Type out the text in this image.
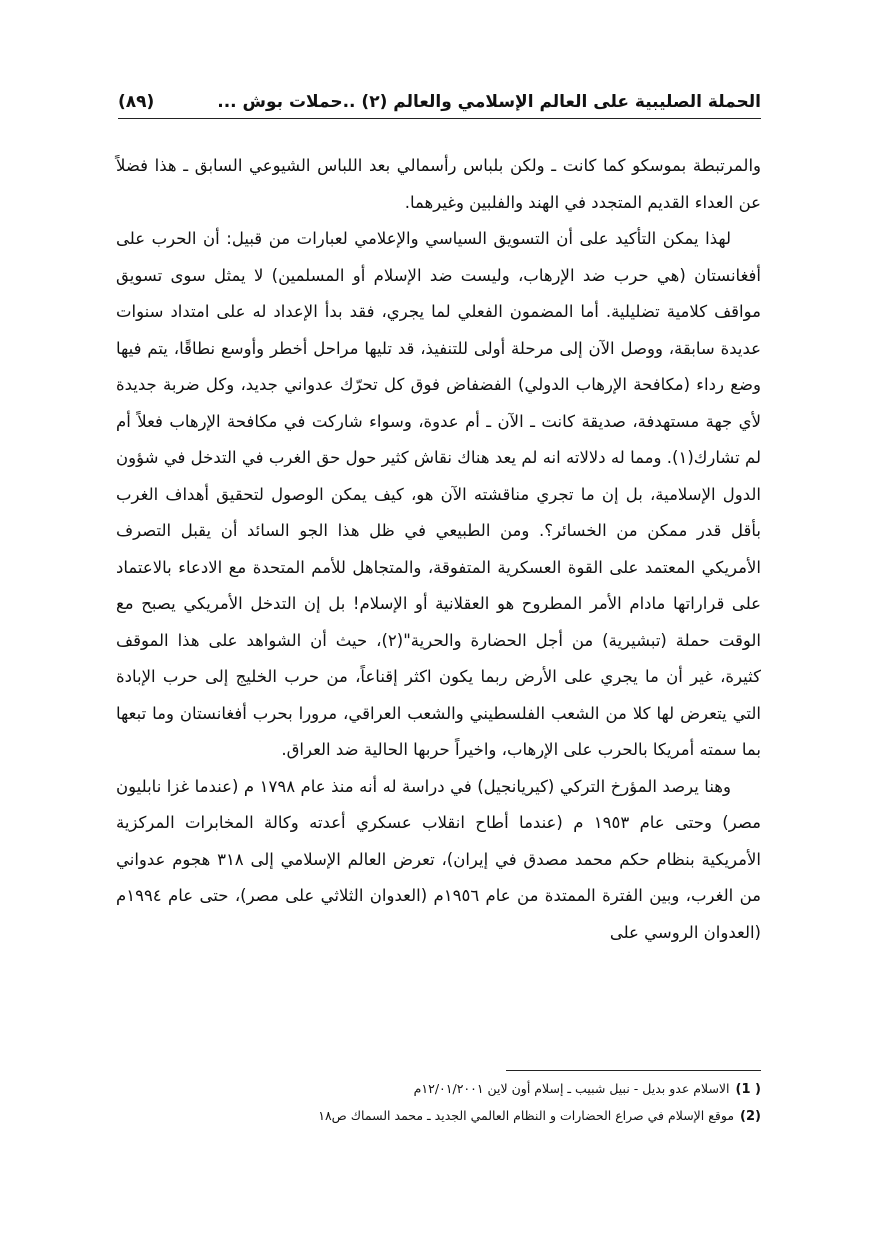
الحملة الصليبية على العالم الإسلامي والعالم (٢) ..حملات بوش ...
(٨٩)

والمرتبطة بموسكو كما كانت ـ ولكن بلباس رأسمالي بعد اللباس الشيوعي السابق ـ هذا فضلاً عن العداء القديم المتجدد في الهند والفلبين وغيرهما.

لهذا يمكن التأكيد على أن التسويق السياسي والإعلامي لعبارات من قبيل: أن الحرب على أفغانستان (هي حرب ضد الإرهاب، وليست ضد الإسلام أو المسلمين) لا يمثل سوى تسويق مواقف كلامية تضليلية. أما المضمون الفعلي لما يجري، فقد بدأ الإعداد له على امتداد سنوات عديدة سابقة، ووصل الآن إلى مرحلة أولى للتنفيذ، قد تليها مراحل أخطر وأوسع نطاقًا، يتم فيها وضع رداء (مكافحة الإرهاب الدولي) الفضفاض فوق كل تحرّك عدواني جديد، وكل ضربة جديدة لأي جهة مستهدفة، صديقة كانت ـ الآن ـ أم عدوة، وسواء شاركت في مكافحة الإرهاب فعلاً أم لم تشارك(١). ومما له دلالاته انه لم يعد هناك نقاش كثير حول حق الغرب في التدخل في شؤون الدول الإسلامية، بل إن ما تجري مناقشته الآن هو، كيف يمكن الوصول لتحقيق أهداف الغرب بأقل قدر ممكن من الخسائر؟. ومن الطبيعي في ظل هذا الجو السائد أن يقبل التصرف الأمريكي المعتمد على القوة العسكرية المتفوقة، والمتجاهل للأمم المتحدة مع الادعاء بالاعتماد على قراراتها مادام الأمر المطروح هو العقلانية أو الإسلام! بل إن التدخل الأمريكي يصبح مع الوقت حملة (تبشيرية) من أجل الحضارة والحرية"(٢)، حيث أن الشواهد على هذا الموقف كثيرة، غير أن ما يجري على الأرض ربما يكون اكثر إقناعاً، من حرب الخليج إلى حرب الإبادة التي يتعرض لها كلا من الشعب الفلسطيني والشعب العراقي، مرورا بحرب أفغانستان وما تبعها بما سمته أمريكا بالحرب على الإرهاب، واخيراً حربها الحالية ضد العراق.

وهنا يرصد المؤرخ التركي (كيريانجيل) في دراسة له أنه منذ عام ١٧٩٨ م (عندما غزا نابليون مصر) وحتى عام ١٩٥٣ م (عندما أطاح انقلاب عسكري أعدته وكالة المخابرات المركزية الأمريكية بنظام حكم محمد مصدق في إيران)، تعرض العالم الإسلامي إلى ٣١٨ هجوم عدواني من الغرب، وبين الفترة الممتدة من عام ١٩٥٦م (العدوان الثلاثي على مصر)، حتى عام ١٩٩٤م (العدوان الروسي على

( 1)
الاسلام عدو بديل - نبيل شبيب ـ إسلام أون لاين ١٢/٠١/٢٠٠١م
(2)
موقع الإسلام في صراع الحضارات و النظام العالمي الجديد ـ محمد السماك ص١٨
